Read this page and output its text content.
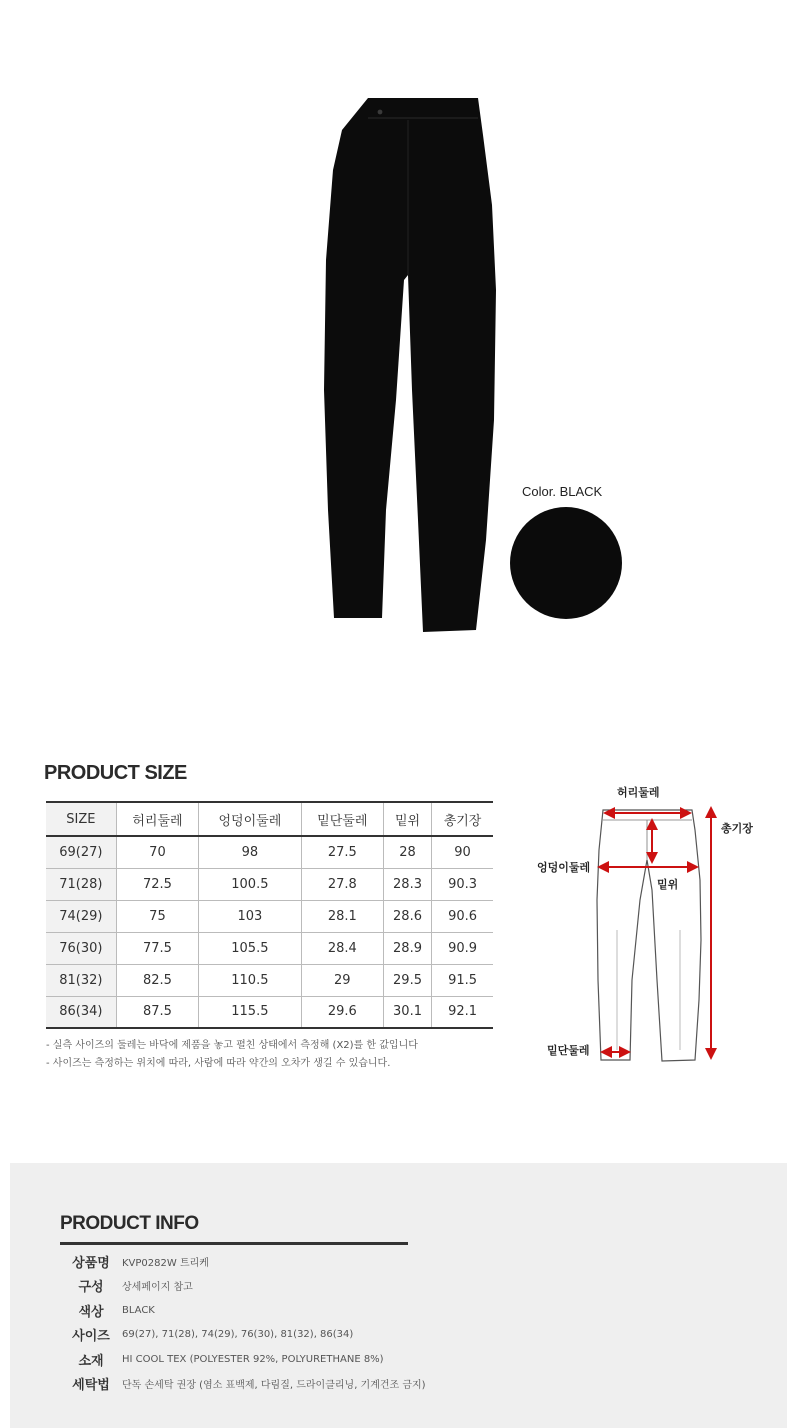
Color. BLACK
PRODUCT SIZE
SIZE	허리둘레	엉덩이둘레	밑단둘레	밑위	총기장
69(27)	70	98	27.5	28	90
71(28)	72.5	100.5	27.8	28.3	90.3
74(29)	75	103	28.1	28.6	90.6
76(30)	77.5	105.5	28.4	28.9	90.9
81(32)	82.5	110.5	29	29.5	91.5
86(34)	87.5	115.5	29.6	30.1	92.1
- 실측 사이즈의 둘레는 바닥에 제품을 놓고 펼친 상태에서 측정해 (X2)를 한 값입니다
- 사이즈는 측정하는 위치에 따라, 사람에 따라 약간의 오차가 생길 수 있습니다.
허리둘레
총기장
엉덩이둘레
밑위
밑단둘레
PRODUCT INFO
상품명	KVP0282W 트리케
구성	상세페이지 참고
색상	BLACK
사이즈	69(27), 71(28), 74(29), 76(30), 81(32), 86(34)
소재	HI COOL TEX (POLYESTER 92%, POLYURETHANE 8%)
세탁법	단독 손세탁 권장 (염소 표백제, 다림질, 드라이클리닝, 기계건조 금지)
